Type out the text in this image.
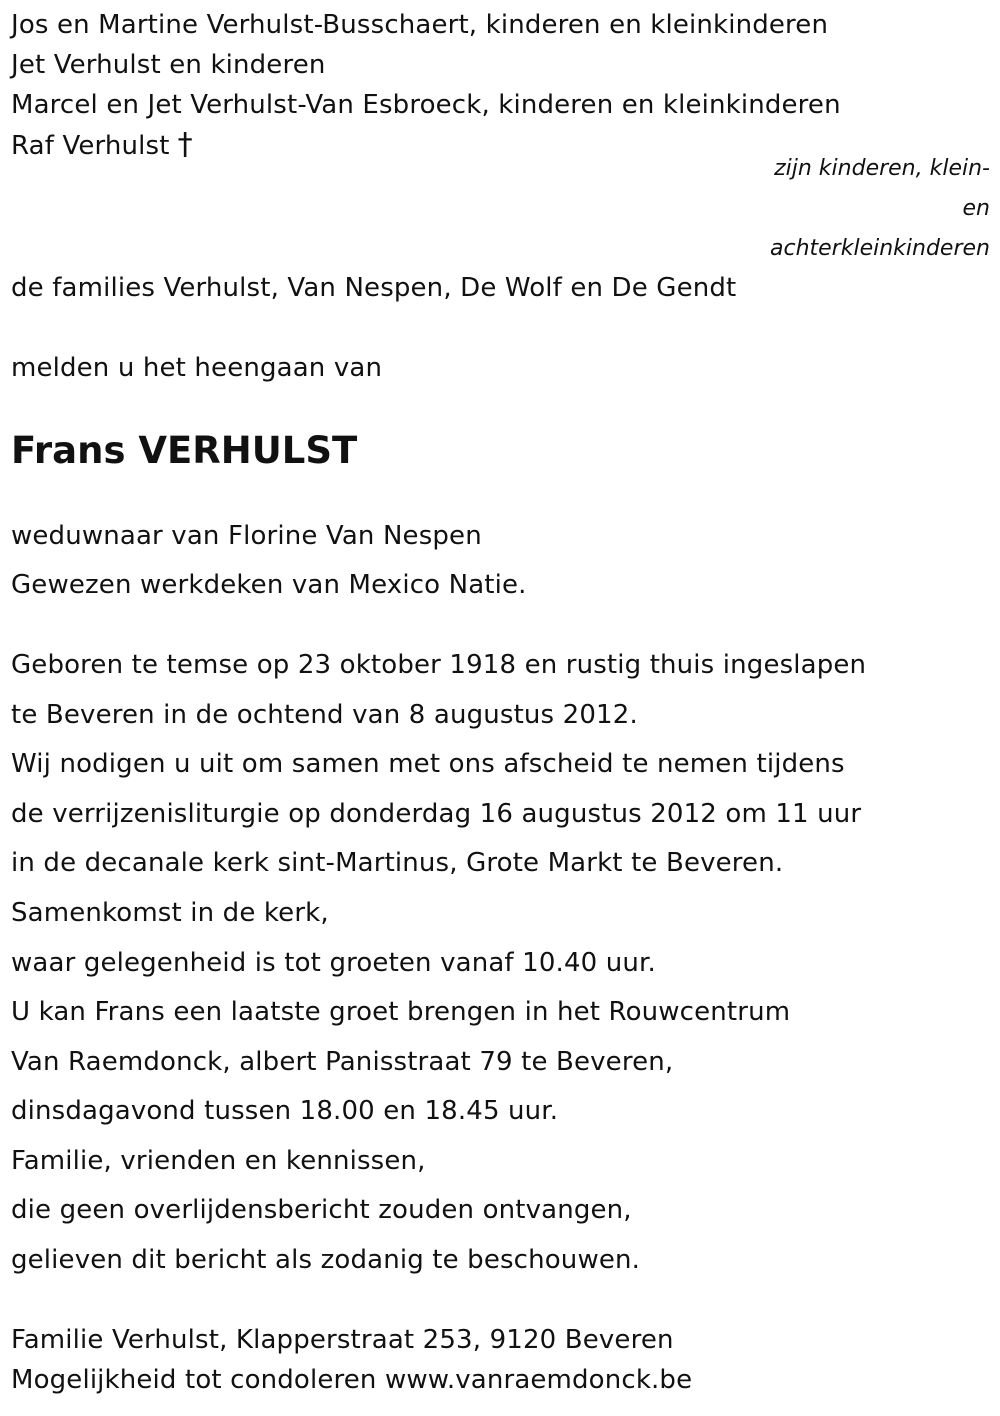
Jos en Martine Verhulst-Busschaert, kinderen en kleinkinderen
Jet Verhulst en kinderen
Marcel en Jet Verhulst-Van Esbroeck, kinderen en kleinkinderen
Raf Verhulst †
zijn kinderen, klein-
en
achterkleinkinderen
de families Verhulst, Van Nespen, De Wolf en De Gendt
melden u het heengaan van
Frans VERHULST
weduwnaar van Florine Van Nespen
Gewezen werkdeken van Mexico Natie.
Geboren te temse op 23 oktober 1918 en rustig thuis ingeslapen
te Beveren in de ochtend van 8 augustus 2012.
Wij nodigen u uit om samen met ons afscheid te nemen tijdens
de verrijzenisliturgie op donderdag 16 augustus 2012 om 11 uur
in de decanale kerk sint-Martinus, Grote Markt te Beveren.
Samenkomst in de kerk,
waar gelegenheid is tot groeten vanaf 10.40 uur.
U kan Frans een laatste groet brengen in het Rouwcentrum
Van Raemdonck, albert Panisstraat 79 te Beveren,
dinsdagavond tussen 18.00 en 18.45 uur.
Familie, vrienden en kennissen,
die geen overlijdensbericht zouden ontvangen,
gelieven dit bericht als zodanig te beschouwen.
Familie Verhulst, Klapperstraat 253, 9120 Beveren
Mogelijkheid tot condoleren www.vanraemdonck.be
